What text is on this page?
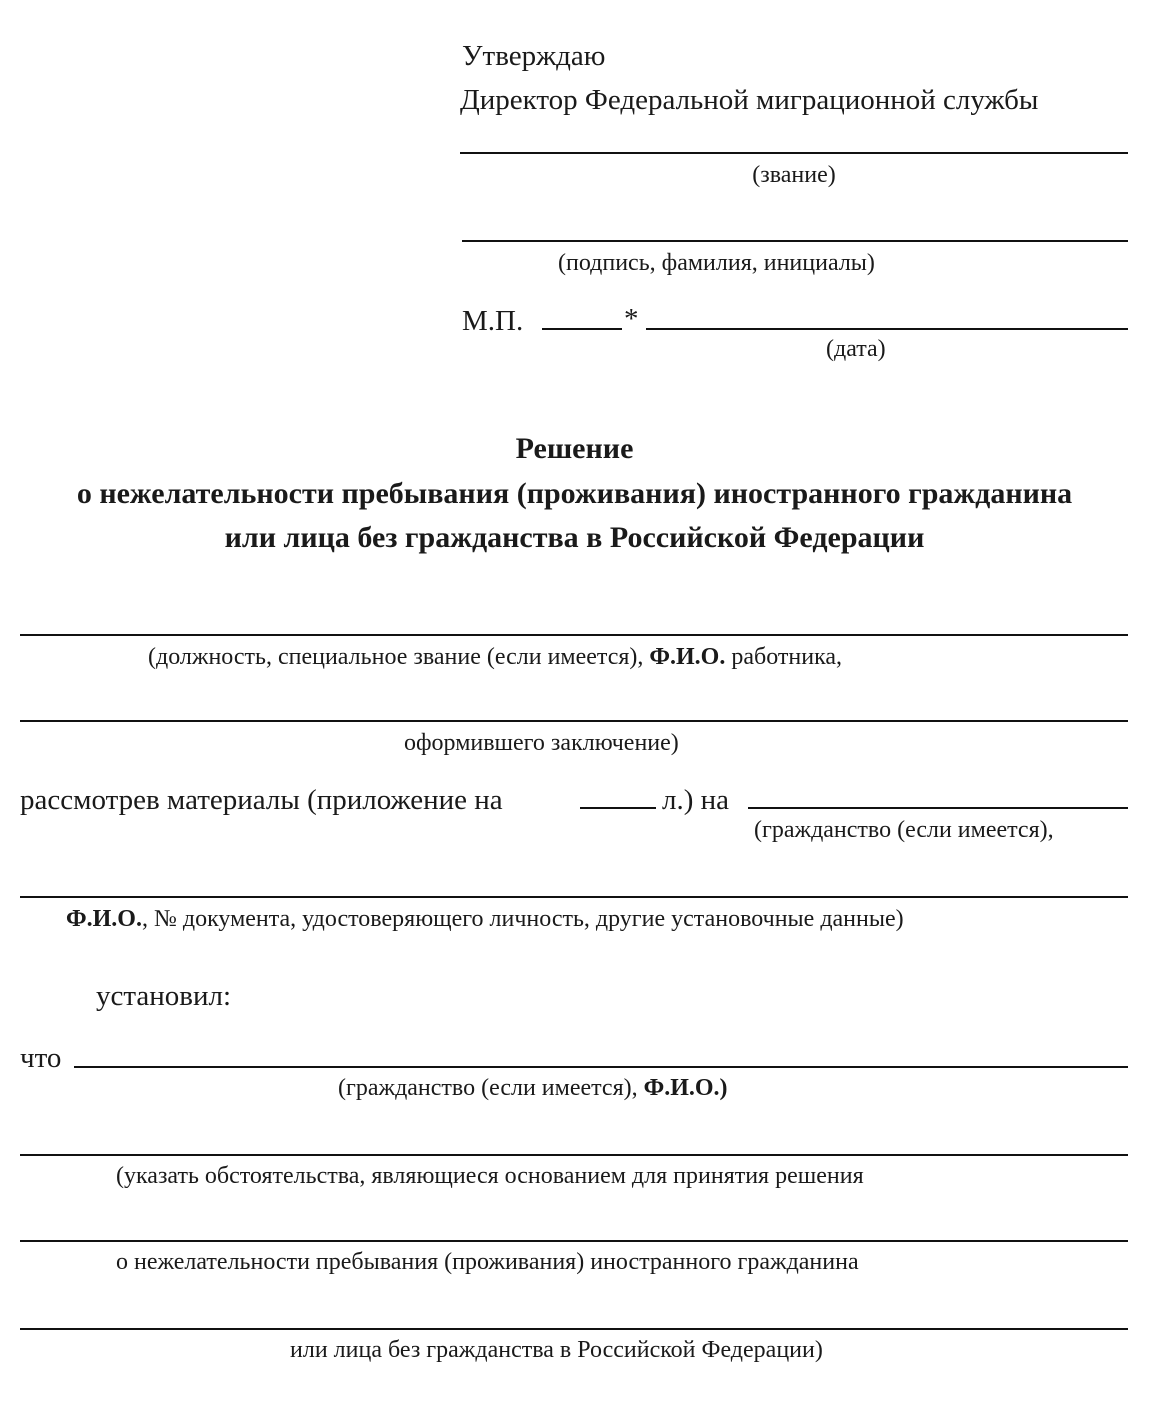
Утверждаю
Директор Федеральной миграционной службы
(звание)
(подпись, фамилия, инициалы)
М.П.	*
(дата)
Решение
о нежелательности пребывания (проживания) иностранного гражданина
или лица без гражданства в Российской Федерации
(должность, специальное звание (если имеется), Ф.И.О. работника,
оформившего заключение)
рассмотрев материалы (приложение на	л.) на
(гражданство (если имеется),
Ф.И.О., № документа, удостоверяющего личность, другие установочные данные)
установил:
что
(гражданство (если имеется), Ф.И.О.)
(указать обстоятельства, являющиеся основанием для принятия решения
о нежелательности пребывания (проживания) иностранного гражданина
или лица без гражданства в Российской Федерации)
